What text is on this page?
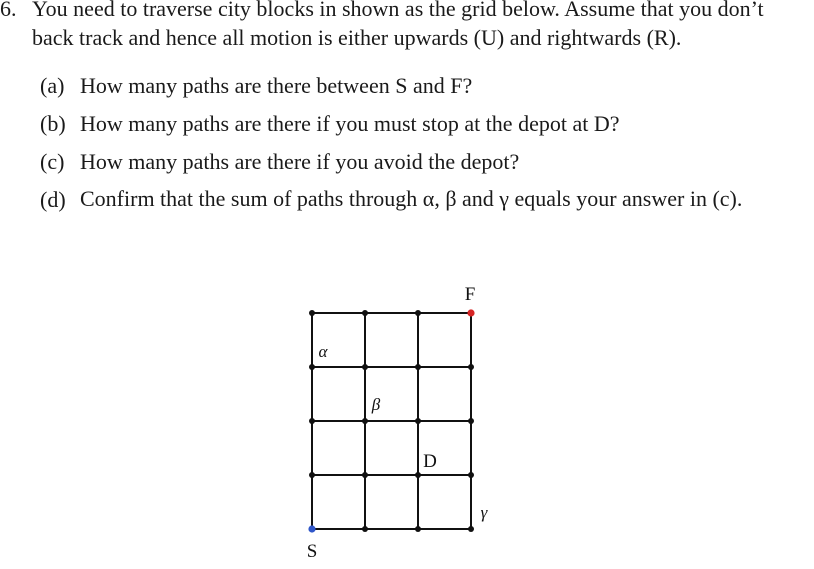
6. You need to traverse city blocks in shown as the grid below. Assume that you don’t back track and hence all motion is either upwards (U) and rightwards (R).
(a) How many paths are there between S and F?
(b) How many paths are there if you must stop at the depot at D?
(c) How many paths are there if you avoid the depot?
(d) Confirm that the sum of paths through α, β and γ equals your answer in (c).
F
S
D
α
β
γ
